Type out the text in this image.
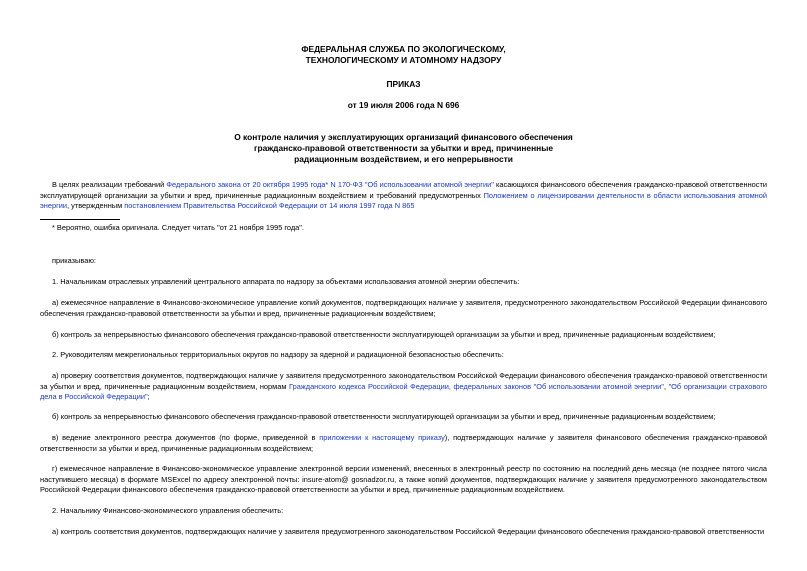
ФЕДЕРАЛЬНАЯ СЛУЖБА ПО ЭКОЛОГИЧЕСКОМУ,
ТЕХНОЛОГИЧЕСКОМУ И АТОМНОМУ НАДЗОРУ
ПРИКАЗ
от 19 июля 2006 года N 696
О контроле наличия у эксплуатирующих организаций финансового обеспечения
гражданско-правовой ответственности за убытки и вред, причиненные
радиационным воздействием, и его непрерывности
В целях реализации требований Федерального закона от 20 октября 1995 года* N 170-ФЗ "Об использовании атомной энергии" касающихся финансового обеспечения гражданско-правовой ответственности эксплуатирующей организации за убытки и вред, причиненные радиационным воздействием и требований предусмотренных Положением о лицензировании деятельности в области использования атомной энергии, утвержденным постановлением Правительства Российской Федерации от 14 июля 1997 года N 865
* Вероятно, ошибка оригинала. Следует читать "от 21 ноября 1995 года".
приказываю:
1. Начальникам отраслевых управлений центрального аппарата по надзору за объектами использования атомной энергии обеспечить:
а) ежемесячное направление в Финансово-экономическое управление копий документов, подтверждающих наличие у заявителя, предусмотренного законодательством Российской Федерации финансового обеспечения гражданско-правовой ответственности за убытки и вред, причиненные радиационным воздействием;
б) контроль за непрерывностью финансового обеспечения гражданско-правовой ответственности эксплуатирующей организации за убытки и вред, причиненные радиационным воздействием;
2. Руководителям межрегиональных территориальных округов по надзору за ядерной и радиационной безопасностью обеспечить:
а) проверку соответствия документов, подтверждающих наличие у заявителя предусмотренного законодательством Российской Федерации финансового обеспечения гражданско-правовой ответственности за убытки и вред, причиненные радиационным воздействием, нормам Гражданского кодекса Российской Федерации, федеральных законов "Об использовании атомной энергии", "Об организации страхового дела в Российской Федерации";
б) контроль за непрерывностью финансового обеспечения гражданско-правовой ответственности эксплуатирующей организации за убытки и вред, причиненные радиационным воздействием;
в) ведение электронного реестра документов (по форме, приведенной в приложении к настоящему приказу), подтверждающих наличие у заявителя финансового обеспечения гражданско-правовой ответственности за убытки и вред, причиненные радиационным воздействием;
г) ежемесячное направление в Финансово-экономическое управление электронной версии изменений, внесенных в электронный реестр по состоянию на последний день месяца (не позднее пятого числа наступившего месяца) в формате MSExcel по адресу электронной почты: insure-atom@ gosnadzor.ru, а также копий документов, подтверждающих наличие у заявителя предусмотренного законодательством Российской Федерации финансового обеспечения гражданско-правовой ответственности за убытки и вред, причиненные радиационным воздействием.
2. Начальнику Финансово-экономического управления обеспечить:
а) контроль соответствия документов, подтверждающих наличие у заявителя предусмотренного законодательством Российской Федерации финансового обеспечения гражданско-правовой ответственности
